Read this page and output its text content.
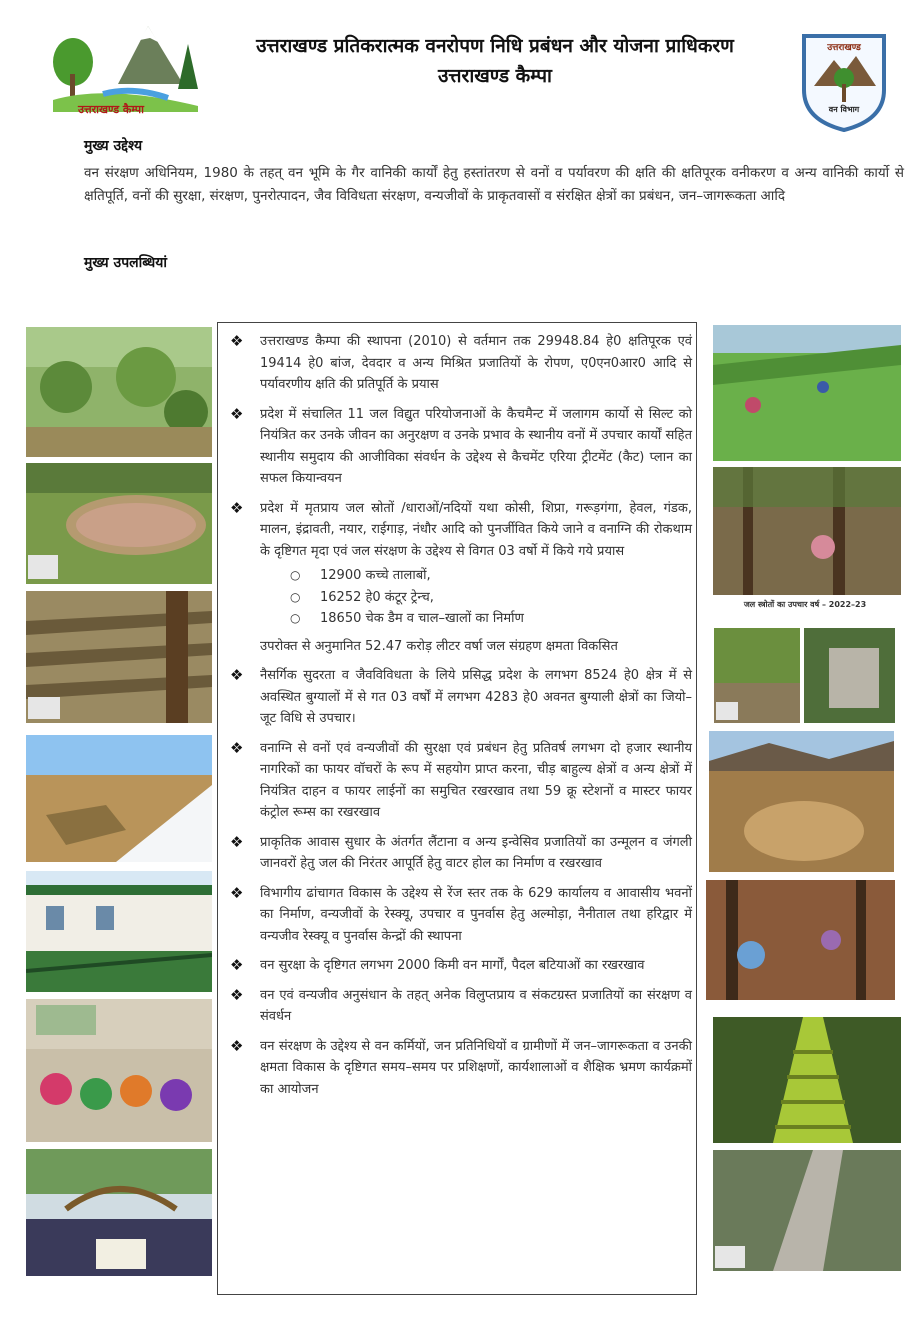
उत्तराखण्ड कैम्पा
उत्तराखण्ड प्रतिकरात्मक वनरोपण निधि प्रबंधन और योजना प्राधिकरण
उत्तराखण्ड कैम्पा
उत्तराखण्ड
वन विभाग
मुख्य उद्देश्य
वन संरक्षण अधिनियम, 1980 के तहत् वन भूमि के गैर वानिकी कार्यों हेतु हस्तांतरण से वनों व पर्यावरण की क्षति की क्षतिपूरक वनीकरण व अन्य वानिकी कार्यो से क्षतिपूर्ति, वनों की सुरक्षा, संरक्षण, पुनरोत्पादन, जैव विविधता संरक्षण, वन्यजीवों के प्राकृतवासों व संरक्षित क्षेत्रों का प्रबंधन, जन–जागरूकता आदि
मुख्य उपलब्धियां
❖ उत्तराखण्ड कैम्पा की स्थापना (2010) से वर्तमान तक 29948.84 हे0 क्षतिपूरक एवं 19414 हे0 बांज, देवदार व अन्य मिश्रित प्रजातियों के रोपण, ए0एन0आर0 आदि से पर्यावरणीय क्षति की प्रतिपूर्ति के प्रयास
❖ प्रदेश में संचालित 11 जल विद्युत परियोजनाओं के कैचमैन्ट में जलागम कार्यो से सिल्ट को नियंत्रित कर उनके जीवन का अनुरक्षण व उनके प्रभाव के स्थानीय वनों में उपचार कार्यों सहित स्थानीय समुदाय की आजीविका संवर्धन के उद्देश्य से कैचमेंट एरिया ट्रीटमेंट (कैट) प्लान का सफल कियान्वयन
❖ प्रदेश में मृतप्राय जल स्रोतों /धाराओं/नदियों यथा कोसी, शिप्रा, गरूड़गंगा, हेवल, गंडक, मालन, इंद्रावती, नयार, राईगाड़, नंधौर आदि को पुनर्जीवित किये जाने व वनाग्नि की रोकथाम के दृष्टिगत मृदा एवं जल संरक्षण के उद्देश्य से विगत 03 वर्षो में किये गये प्रयास
○ 12900 कच्चे तालाबों,
○ 16252 हे0 कंटूर ट्रेन्च,
○ 18650 चेक डैम व चाल–खालों का निर्माण
उपरोक्त से अनुमानित 52.47 करोड़ लीटर वर्षा जल संग्रहण क्षमता विकसित
❖ नैसर्गिक सुदरता व जैवविविधता के लिये प्रसिद्ध प्रदेश के लगभग 8524 हे0 क्षेत्र में से अवस्थित बुग्यालों में से गत 03 वर्षों में लगभग 4283 हे0 अवनत बुग्याली क्षेत्रों का जियो–जूट विधि से उपचार।
❖ वनाग्नि से वनों एवं वन्यजीवों की सुरक्षा एवं प्रबंधन हेतु प्रतिवर्ष लगभग दो हजार स्थानीय नागरिकों का फायर वॉचरों के रूप में सहयोग प्राप्त करना, चीड़ बाहुल्य क्षेत्रों व अन्य क्षेत्रों में नियंत्रित दाहन व फायर लाईनों का समुचित रखरखाव तथा 59 क्रू स्टेशनों व मास्टर फायर कंट्रोल रूम्स का रखरखाव
❖ प्राकृतिक आवास सुधार के अंतर्गत लैंटाना व अन्य इन्वेसिव प्रजातियों का उन्मूलन व जंगली जानवरों हेतु जल की निरंतर आपूर्ति हेतु वाटर होल का निर्माण व रखरखाव
❖ विभागीय ढांचागत विकास के उद्देश्य से रेंज स्तर तक के 629 कार्यालय व आवासीय भवनों का निर्माण, वन्यजीवों के रेस्क्यू, उपचार व पुनर्वास हेतु अल्मोड़ा, नैनीताल तथा हरिद्वार में वन्यजीव रेस्क्यू व पुनर्वास केन्द्रों की स्थापना
❖ वन सुरक्षा के दृष्टिगत लगभग 2000 किमी वन मार्गों, पैदल बटियाओं का रखरखाव
❖ वन एवं वन्यजीव अनुसंधान के तहत् अनेक विलुप्तप्राय व संकटग्रस्त प्रजातियों का संरक्षण व संवर्धन
❖ वन संरक्षण के उद्देश्य से वन कर्मियों, जन प्रतिनिधियों व ग्रामीणों में जन–जागरूकता व उनकी क्षमता विकास के दृष्टिगत समय–समय पर प्रशिक्षणों, कार्यशालाओं व शैक्षिक भ्रमण कार्यक्रमों का आयोजन
जल स्त्रोतों का उपचार वर्ष – 2022–23
